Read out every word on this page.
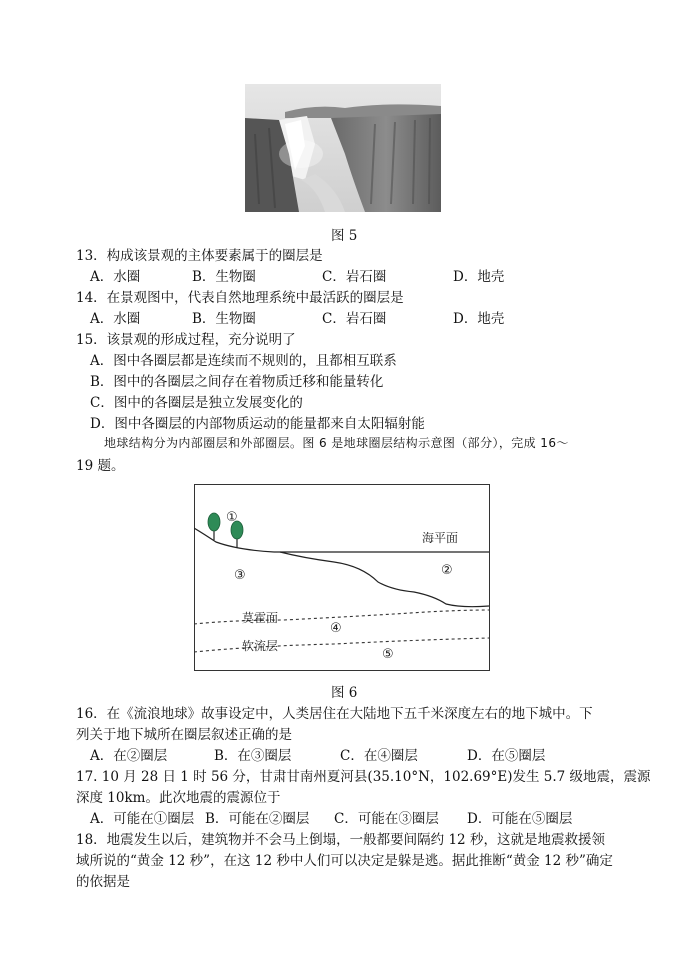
图 5
13．构成该景观的主体要素属于的圈层是
A．水圈	B．生物圈	C．岩石圈	D．地壳
14．在景观图中，代表自然地理系统中最活跃的圈层是
A．水圈	B．生物圈	C．岩石圈	D．地壳
15．该景观的形成过程，充分说明了
A．图中各圈层都是连续而不规则的，且都相互联系
B．图中的各圈层之间存在着物质迁移和能量转化
C．图中的各圈层是独立发展变化的
D．图中各圈层的内部物质运动的能量都来自太阳辐射能
地球结构分为内部圈层和外部圈层。图 6 是地球圈层结构示意图（部分），完成 16～
19 题。
①
③	②
④
⑤
海平面
莫霍面
软流层
图 6
16．在《流浪地球》故事设定中，人类居住在大陆地下五千米深度左右的地下城中。下
列关于地下城所在圈层叙述正确的是
A．在②圈层	B．在③圈层	C．在④圈层	D．在⑤圈层
17. 10 月 28 日 1 时 56 分，甘肃甘南州夏河县(35.10°N，102.69°E)发生 5.7 级地震，震源
深度 10km。此次地震的震源位于
A．可能在①圈层 B．可能在②圈层 C．可能在③圈层 D．可能在⑤圈层
18．地震发生以后，建筑物并不会马上倒塌，一般都要间隔约 12 秒，这就是地震救援领
域所说的“黄金 12 秒”，在这 12 秒中人们可以决定是躲是逃。据此推断“黄金 12 秒”确定
的依据是
